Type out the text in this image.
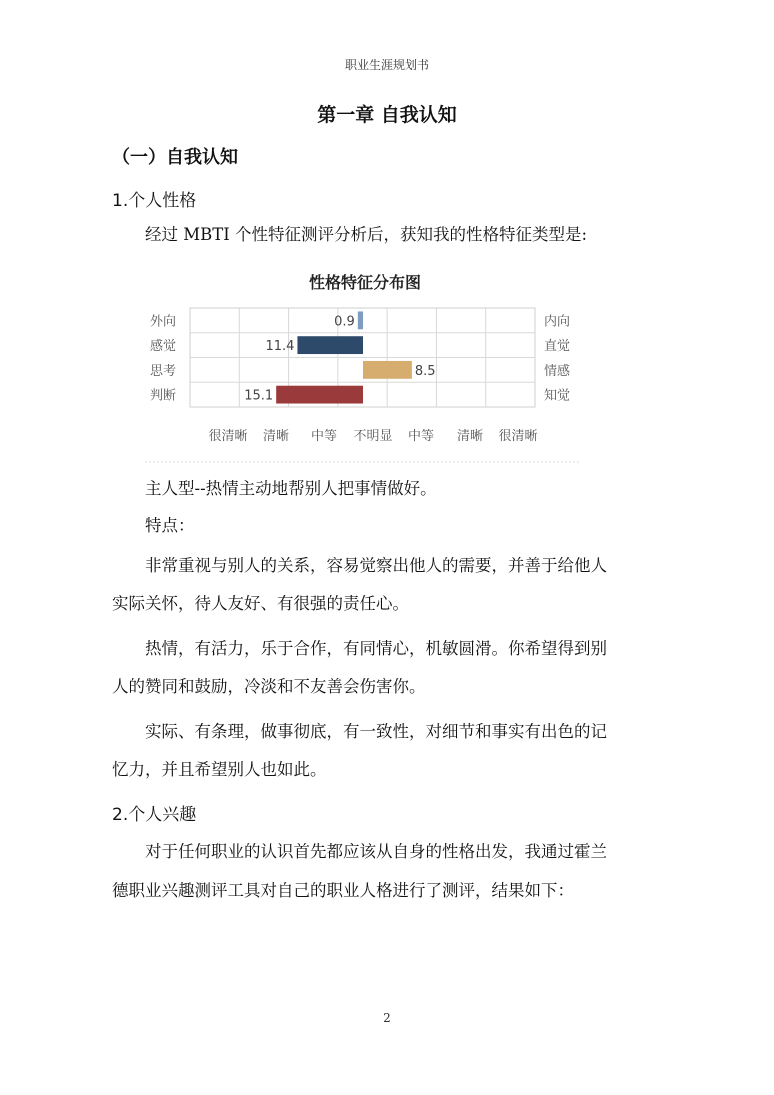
职业生涯规划书
第一章 自我认知
（一）自我认知
1.个人性格
经过 MBTI 个性特征测评分析后，获知我的性格特征类型是:
性格特征分布图
外向
感觉
思考
判断
内向
直觉
情感
知觉
0.9
11.4
8.5
15.1
很清晰 清晰 中等 不明显 中等 清晰 很清晰
主人型--热情主动地帮别人把事情做好。
特点：
非常重视与别人的关系，容易觉察出他人的需要，并善于给他人
实际关怀，待人友好、有很强的责任心。
热情，有活力，乐于合作，有同情心，机敏圆滑。你希望得到别
人的赞同和鼓励，冷淡和不友善会伤害你。
实际、有条理，做事彻底，有一致性，对细节和事实有出色的记
忆力，并且希望别人也如此。
2.个人兴趣
对于任何职业的认识首先都应该从自身的性格出发，我通过霍兰
德职业兴趣测评工具对自己的职业人格进行了测评，结果如下：
2
